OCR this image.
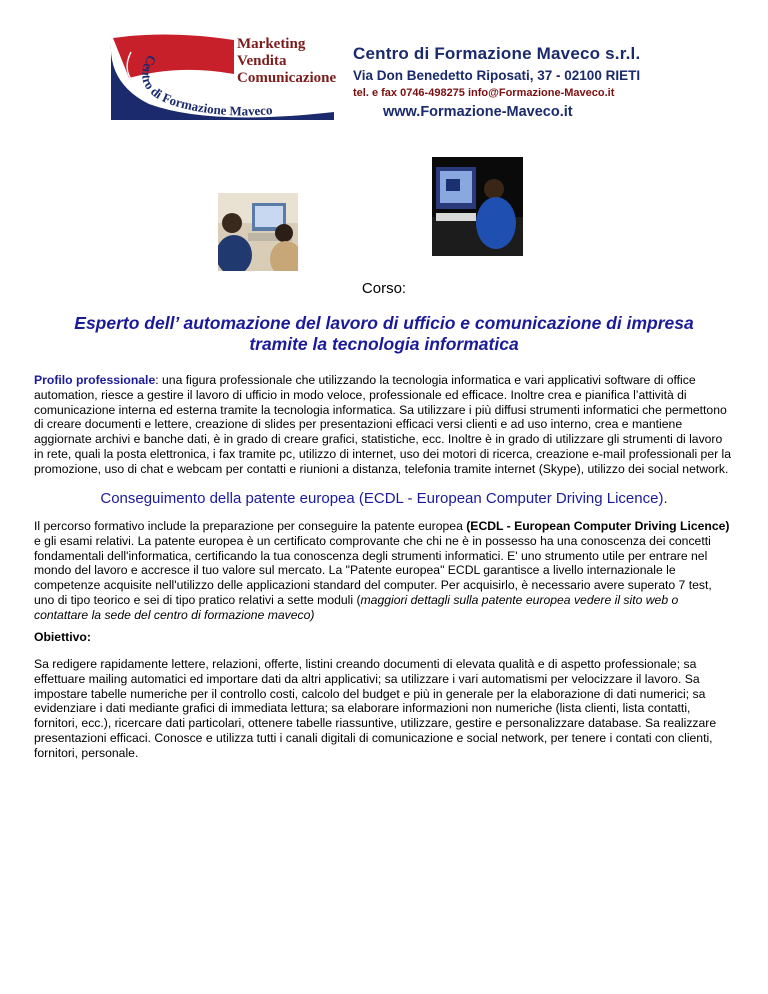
Centro di Formazione Maveco
Marketing
Vendita
Comunicazione
Centro di Formazione Maveco s.r.l.
Via Don Benedetto Riposati, 37 - 02100 RIETI
tel. e fax 0746-498275 info@Formazione-Maveco.it
www.Formazione-Maveco.it
Corso:
Esperto dell’ automazione del lavoro di ufficio e comunicazione di impresa
tramite la tecnologia informatica
Profilo professionale: una figura professionale che utilizzando la tecnologia informatica e vari applicativi software di office automation, riesce a gestire il lavoro di ufficio in modo veloce, professionale ed efficace. Inoltre crea e pianifica l’attività di comunicazione interna ed esterna tramite la tecnologia informatica. Sa utilizzare i più diffusi strumenti informatici che permettono di creare documenti e lettere, creazione di slides per presentazioni efficaci versi clienti e ad uso interno, crea e mantiene aggiornate archivi e banche dati, è in grado di creare grafici, statistiche, ecc. Inoltre è in grado di utilizzare gli strumenti di lavoro in rete, quali la posta elettronica, i fax tramite pc, utilizzo di internet, uso dei motori di ricerca, creazione e-mail professionali per la promozione, uso di chat e webcam per contatti e riunioni a distanza, telefonia tramite internet (Skype), utilizzo dei social network.
Conseguimento della patente europea (ECDL - European Computer Driving Licence).
Il percorso formativo include la preparazione per conseguire la patente europea (ECDL - European Computer Driving Licence) e gli esami relativi. La patente europea è un certificato comprovante che chi ne è in possesso ha una conoscenza dei concetti fondamentali dell'informatica, certificando la tua conoscenza degli strumenti informatici. E' uno strumento utile per entrare nel mondo del lavoro e accresce il tuo valore sul mercato. La "Patente europea" ECDL garantisce a livello internazionale le competenze acquisite nell'utilizzo delle applicazioni standard del computer. Per acquisirlo, è necessario avere superato 7 test, uno di tipo teorico e sei di tipo pratico relativi a sette moduli (maggiori dettagli sulla patente europea vedere il sito web o contattare la sede del centro di formazione maveco)
Obiettivo:
Sa redigere rapidamente lettere, relazioni, offerte, listini creando documenti di elevata qualità e di aspetto professionale; sa effettuare mailing automatici ed importare dati da altri applicativi; sa utilizzare i vari automatismi per velocizzare il lavoro. Sa impostare tabelle numeriche per il controllo costi, calcolo del budget e più in generale per la elaborazione di dati numerici; sa evidenziare i dati mediante grafici di immediata lettura; sa elaborare informazioni non numeriche (lista clienti, lista contatti, fornitori, ecc.), ricercare dati particolari, ottenere tabelle riassuntive, utilizzare, gestire e personalizzare database. Sa realizzare presentazioni efficaci. Conosce e utilizza tutti i canali digitali di comunicazione e social network, per tenere i contati con clienti, fornitori, personale.
